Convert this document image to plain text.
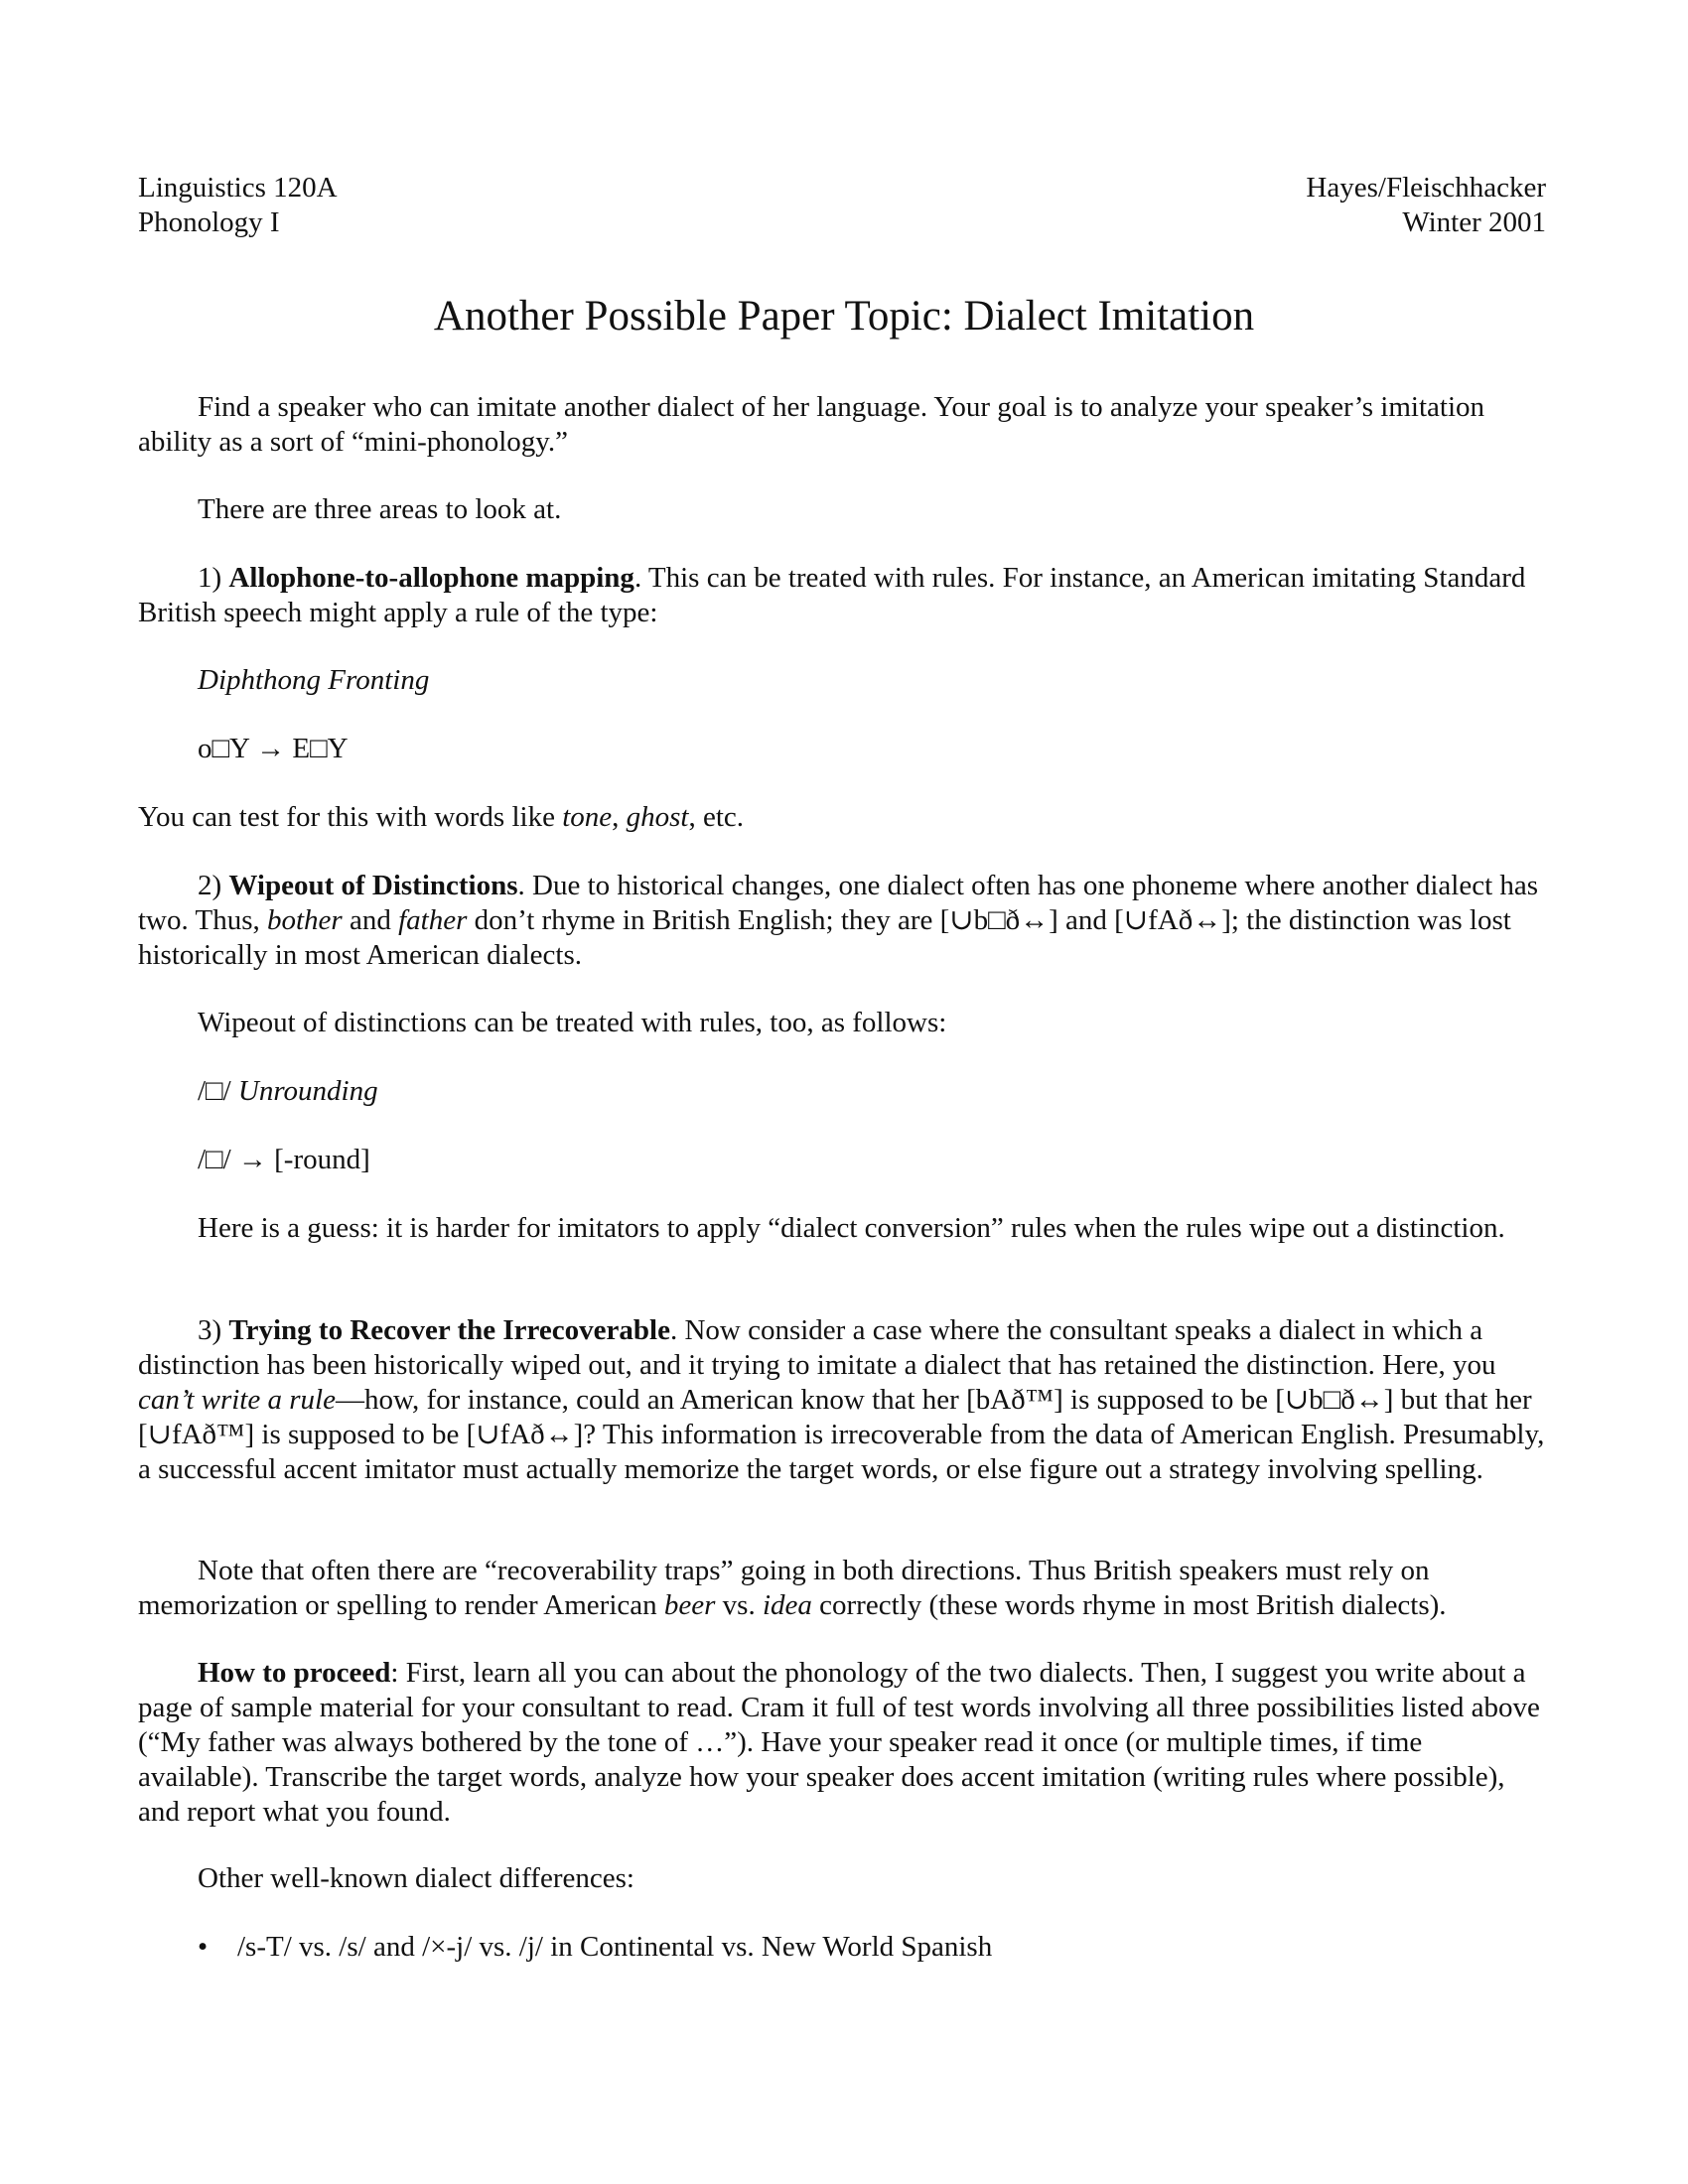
Linguistics 120A
Phonology I
Hayes/Fleischhacker
Winter 2001
Another Possible Paper Topic: Dialect Imitation
Find a speaker who can imitate another dialect of her language. Your goal is to analyze your speaker’s imitation ability as a sort of “mini-phonology.”
There are three areas to look at.
1) Allophone-to-allophone mapping. This can be treated with rules. For instance, an American imitating Standard British speech might apply a rule of the type:
Diphthong Fronting
o□Y → E□Y
You can test for this with words like tone, ghost, etc.
2) Wipeout of Distinctions. Due to historical changes, one dialect often has one phoneme where another dialect has two. Thus, bother and father don’t rhyme in British English; they are [∪b□ð↔] and [∪fAð↔]; the distinction was lost historically in most American dialects.
Wipeout of distinctions can be treated with rules, too, as follows:
/□/ Unrounding
/□/ → [-round]
Here is a guess: it is harder for imitators to apply “dialect conversion” rules when the rules wipe out a distinction.
3) Trying to Recover the Irrecoverable. Now consider a case where the consultant speaks a dialect in which a distinction has been historically wiped out, and it trying to imitate a dialect that has retained the distinction. Here, you can’t write a rule—how, for instance, could an American know that her [bAð™] is supposed to be [∪b□ð↔] but that her [∪fAð™] is supposed to be [∪fAð↔]? This information is irrecoverable from the data of American English. Presumably, a successful accent imitator must actually memorize the target words, or else figure out a strategy involving spelling.
Note that often there are “recoverability traps” going in both directions. Thus British speakers must rely on memorization or spelling to render American beer vs. idea correctly (these words rhyme in most British dialects).
How to proceed: First, learn all you can about the phonology of the two dialects. Then, I suggest you write about a page of sample material for your consultant to read. Cram it full of test words involving all three possibilities listed above (“My father was always bothered by the tone of …”). Have your speaker read it once (or multiple times, if time available). Transcribe the target words, analyze how your speaker does accent imitation (writing rules where possible), and report what you found.
Other well-known dialect differences:
• /s-T/ vs. /s/ and /×-j/ vs. /j/ in Continental vs. New World Spanish
